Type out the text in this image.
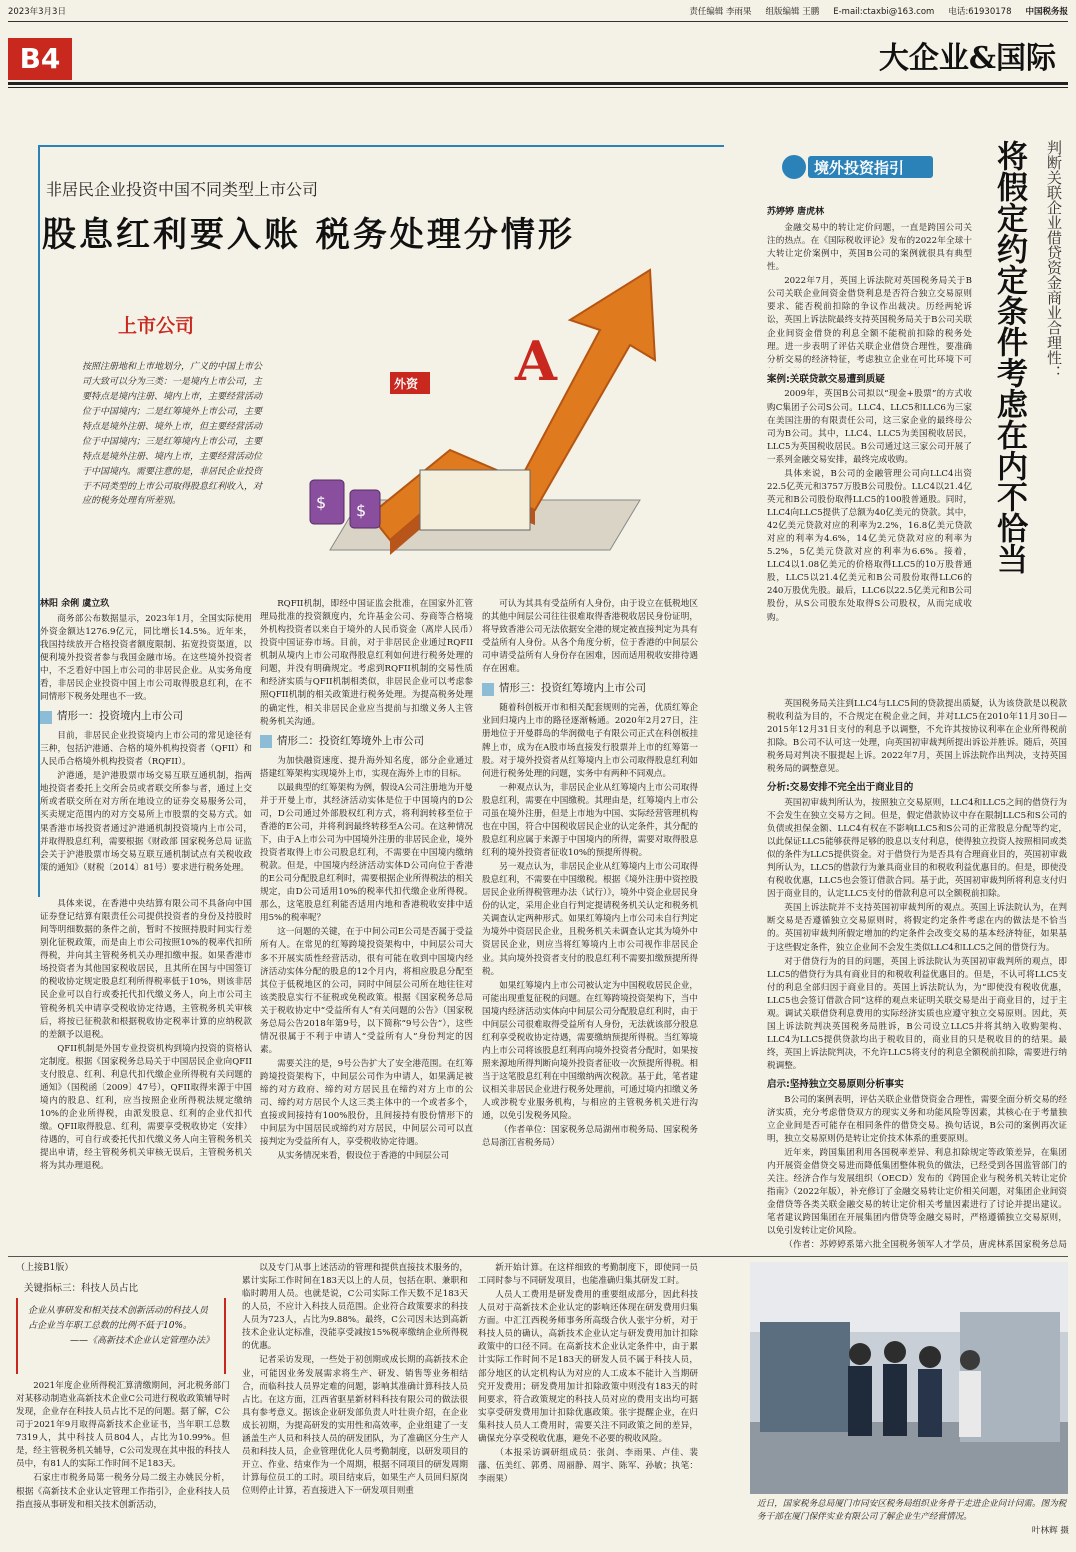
2023年3月3日	责任编辑 李雨果 组版编辑 王鹏 E-mail:ctaxbi@163.com 电话:61930178 中国税务报
B4	大企业&国际
非居民企业投资中国不同类型上市公司
股息红利要入账 税务处理分情形
上市公司
按照注册地和上市地划分，广义的中国上市公司大致可以分为三类：一是境内上市公司，主要特点是境内注册、境内上市，主要经营活动位于中国境内；二是红筹境外上市公司，主要特点是境外注册、境外上市，但主要经营活动位于中国境内；三是红筹境内上市公司，主要特点是境外注册、境内上市，主要经营活动位于中国境内。需要注意的是，非居民企业投资于不同类型的上市公司取得股息红利收入，对应的税务处理有所差别。
A
外资
$ $

林阳 余俐 虞立玖

商务部公布数据显示，2023年1月，全国实际使用外资金额达1276.9亿元，同比增长14.5%。近年来，我国持续放开合格投资者额度限制、拓宽投资渠道，以便利境外投资者参与我国金融市场。在这些境外投资者中，不乏看好中国上市公司的非居民企业。从实务角度看，非居民企业投资中国上市公司取得股息红利，在不同情形下税务处理也不一致。

情形一：投资境内上市公司

目前，非居民企业投资境内上市公司的常见途径有三种，包括沪港通、合格的境外机构投资者（QFII）和人民币合格境外机构投资者（RQFII）。

沪港通，是沪港股票市场交易互联互通机制，指两地投资者委托上交所会员或者联交所参与者，通过上交所或者联交所在对方所在地设立的证券交易服务公司，买卖规定范围内的对方交易所上市股票的交易方式。如果香港市场投资者通过沪港通机制投资境内上市公司，并取得股息红利，需要根据《财政部 国家税务总局 证监会关于沪港股票市场交易互联互通机制试点有关税收政策的通知》（财税〔2014〕81号）要求进行税务处理。

具体来说，在香港中央结算有限公司不具备向中国证券登记结算有限责任公司提供投资者的身份及持股时间等明细数据的条件之前，暂时不按照持股时间实行差别化征税政策，而是由上市公司按照10%的税率代扣所得税，并向其主管税务机关办理扣缴申报。如果香港市场投资者为其他国家税收居民，且其所在国与中国签订的税收协定规定股息红利所得税率低于10%，则该非居民企业可以自行或委托代扣代缴义务人，向上市公司主管税务机关申请享受税收协定待遇，主管税务机关审核后，将按已征税款和根据税收协定税率计算的应纳税款的差额予以退税。

QFII机制是外国专业投资机构到境内投资的资格认定制度。根据《国家税务总局关于中国居民企业向QFII支付股息、红利、利息代扣代缴企业所得税有关问题的通知》（国税函〔2009〕47号），QFII取得来源于中国境内的股息、红利，应当按照企业所得税法规定缴纳10%的企业所得税，由派发股息、红利的企业代扣代缴。QFII取得股息、红利，需要享受税收协定（安排）待遇的，可自行或委托代扣代缴义务人向主管税务机关提出申请，经主管税务机关审核无误后，主管税务机关将为其办理退税。

RQFII机制，即经中国证监会批准，在国家外汇管理局批准的投资额度内，允许基金公司、券商等合格境外机构投资者以来自于境外的人民币资金（离岸人民币）投资中国证券市场。目前，对于非居民企业通过RQFII机制从境内上市公司取得股息红利如何进行税务处理的问题，并没有明确规定。考虑到RQFII机制的交易性质和经济实质与QFII机制相类似，非居民企业可以考虑参照QFII机制的相关政策进行税务处理。为提高税务处理的确定性，相关非居民企业应当提前与扣缴义务人主管税务机关沟通。

情形二：投资红筹境外上市公司

为加快融资速度、提升海外知名度，部分企业通过搭建红筹架构实现境外上市，实现在海外上市的目标。

以最典型的红筹架构为例，假设A公司注册地为开曼并于开曼上市，其经济活动实体是位于中国境内的D公司，D公司通过外部股权红利方式，将利润转移至位于香港的E公司，并将利润最终转移至A公司。在这种情况下，由于A上市公司为中国境外注册的非居民企业，境外投资者取得上市公司股息红利，不需要在中国境内缴纳税款。但是，中国境内经济活动实体D公司向位于香港的E公司分配股息红利时，需要根据企业所得税法的相关规定，由D公司适用10%的税率代扣代缴企业所得税。那么，这笔股息红利能否适用内地和香港税收安排中适用5%的税率呢？

这一问题的关键，在于中间公司E公司是否属于受益所有人。在常见的红筹跨境投资架构中，中间层公司大多不开展实质性经营活动，很有可能在收到中国境内经济活动实体分配的股息的12个月内，将相应股息分配至其位于低税地区的公司，同时中间层公司所在地往往对该类股息实行不征税或免税政策。根据《国家税务总局关于税收协定中“受益所有人”有关问题的公告》（国家税务总局公告2018年第9号，以下简称“9号公告”），这些情况很属于不利于申请人“受益所有人”身份判定的因素。

需要关注的是，9号公告扩大了安全港范围。在红筹跨境投资架构下，中间层公司作为申请人，如果满足被缔约对方政府、缔约对方居民且在缔约对方上市的公司、缔约对方居民个人这三类主体中的一个或者多个，直接或间接持有100%股份，且间接持有股份情形下的中间层为中国居民或缔约对方居民，中间层公司可以直接判定为受益所有人，享受税收协定待遇。

从实务情况来看，假设位于香港的中间层公司

可认为其具有受益所有人身份，由于设立在低税地区的其他中间层公司往往很难取得香港税收居民身份证明，将导致香港公司无法依据安全港的规定被直接判定为具有受益所有人身份。从各个角度分析，位于香港的中间层公司申请受益所有人身份存在困难，因而适用税收安排待遇存在困难。

情形三：投资红筹境内上市公司

随着科创板开市和相关配套规则的完善，优质红筹企业回归境内上市的路径逐渐畅通。2020年2月27日，注册地位于开曼群岛的华润微电子有限公司正式在科创板挂牌上市，成为在A股市场直接发行股票并上市的红筹第一股。对于境外投资者从红筹境内上市公司取得股息红利如何进行税务处理的问题，实务中有两种不同观点。

一种观点认为，非居民企业从红筹境内上市公司取得股息红利，需要在中国缴税。其理由是，红筹境内上市公司虽在境外注册，但是上市地为中国、实际经营管理机构也在中国，符合中国税收居民企业的认定条件，其分配的股息红利应属于来源于中国境内的所得，需要对取得股息红利的境外投资者征收10%的预提所得税。

另一观点认为，非居民企业从红筹境内上市公司取得股息红利，不需要在中国缴税。根据《境外注册中资控股居民企业所得税管理办法（试行）》，境外中资企业居民身份的认定，采用企业自行判定提请税务机关认定和税务机关调查认定两种形式。如果红筹境内上市公司未自行判定为境外中资居民企业，且税务机关未调查认定其为境外中资居民企业，则应当将红筹境内上市公司视作非居民企业。其向境外投资者支付的股息红利不需要扣缴预提所得税。

如果红筹境内上市公司被认定为中国税收居民企业，可能出现重复征税的问题。在红筹跨境投资架构下，当中国境内经济活动实体向中间层公司分配股息红利时，由于中间层公司很难取得受益所有人身份，无法就该部分股息红利享受税收协定待遇，需要缴纳预提所得税。当红筹境内上市公司将该股息红利再向境外投资者分配时，如果按照来源地所得判断向境外投资者征收一次预提所得税。相当于这笔股息红利在中国缴纳两次税款。基于此，笔者建议相关非居民企业进行税务处理前，可通过境内扣缴义务人或涉税专业服务机构，与相应的主管税务机关进行沟通，以免引发税务风险。

（作者单位：国家税务总局湖州市税务局、国家税务总局浙江省税务局）

境外投资指引
苏婷婷 唐虎林	将假定约定条件考虑在内不恰当	判断关联企业借贷资金商业合理性：

金融交易中的转让定价问题，一直是跨国公司关注的热点。在《国际税收评论》发布的2022年全球十大转让定价案例中，英国B公司的案例就很具有典型性。

2022年7月，英国上诉法院对英国税务局关于B公司关联企业间资金借贷利息是否符合独立交易原则要求、能否税前扣除的争议作出裁决。历经两轮诉讼，英国上诉法院最终支持英国税务局关于B公司关联企业间资金借贷的利息全额不能税前扣除的税务处理。进一步表明了评估关联企业借贷合理性，要准确分析交易的经济特征，考虑独立企业在可比环境下可

案例:关联贷款交易遭到质疑

2009年，英国B公司拟以“现金+股票”的方式收购C集团子公司S公司。LLC4、LLC5和LLC6为三家在美国注册的有限责任公司，这三家企业的最终母公司为B公司。其中，LLC4、LLC5为美国税收居民，LLC5为英国税收居民。B公司通过这三家公司开展了一系列金融交易安排，最终完成收购。

具体来说，B公司的金融管理公司向LLC4出资22.5亿英元和3757万股B公司股份。LLC4以21.4亿英元和B公司股份取得LLC5的100股普通股。同时，LLC4向LLC5提供了总额为40亿美元的贷款。其中，42亿美元贷款对应的利率为2.2%，16.8亿美元贷款对应的利率为4.6%，14亿美元贷款对应的利率为5.2%，5亿美元贷款对应的利率为6.6%。接着，LLC4以1.08亿美元的价格取得LLC5的10万股普通股，LLC5以21.4亿美元和B公司股份取得LLC6的240万股优先股。最后，LLC6以22.5亿美元和B公司股份，从S公司股东处取得S公司股权，从而完成收购。

英国税务局关注到LLC4与LLC5间的贷款提出质疑，认为该贷款是以税款税收利益为目的，不合规定在税企业之间，并对LLC5在2010年11月30日—2015年12月31日支付的利息予以调整，不允许其按协议利率在企业所得税前扣除。B公司不认可这一处理，向英国初审裁判所提出诉讼并胜诉。随后，英国税务局对判决不服提起上诉。2022年7月，英国上诉法院作出判决，支持英国税务局的调整意见。

分析:交易安排不完全出于商业目的

英国初审裁判所认为，按照独立交易原则，LLC4和LLC5之间的借贷行为不会发生在独立交易方之间。但是，假定借款协议中存在限制LLC5和S公司的负债或担保金额、LLC4有权在不影响LLC5和S公司的正常股息分配等约定，以此保证LLC5能够获得足够的股息以支付利息，使得独立投资人按照相同或类似的条件为LLC5提供资金。对于借贷行为是否具有合理商业目的，英国初审裁判所认为，LLC5的借款行为兼具商业目的和税收利益优惠目的。但是，即使没有税收优惠，LLC5也会签订借款合同。基于此，英国初审裁判所将利息支付归因于商业目的，认定LLC5支付的借款利息可以全额税前扣除。

英国上诉法院并不支持英国初审裁判所的观点。英国上诉法院认为，在判断交易是否遵循独立交易原则时，将假定约定条件考虑在内的做法是不恰当的。英国初审裁判所假定增加的约定条件会改变交易的基本经济特征，如果基于这些假定条件，独立企业间不会发生类似LLC4和LLC5之间的借贷行为。

对于借贷行为的目的问题，英国上诉法院认为英国初审裁判所的观点，即LLC5的借贷行为具有商业目的和税收利益优惠目的。但是，不认可将LLC5支付的利息全部归因于商业目的。英国上诉法院认为，为“即使没有税收优惠，LLC5也会签订借款合同”这样的观点来证明关联交易是出于商业目的，过于主观。调试关联借贷利息费用的实际经济实质也应遵守独立交易原则。因此，英国上诉法院判决英国税务局胜诉，B公司设立LLC5并将其纳入收购架构、LLC4为LLC5提供贷款均出于税收目的，商业目的只是税收目的的结果。最终，英国上诉法院判决，不允许LLC5将支付的利息全额税前扣除，需要进行纳税调整。

启示:坚持独立交易原则分析事实

B公司的案例表明，评估关联企业借贷资金合理性，需要全面分析交易的经济实质，充分考虑借贷双方的现实义务和功能风险等因素，其核心在于考量独立企业间是否可能存在相同条件的借贷交易。换句话说，B公司的案例再次证明，独立交易原则仍是转让定价技术体系的重要原则。

近年来，跨国集团利用各国税率差异、利息扣除规定等政策差异，在集团内开展资金借贷交易进而降低集团整体税负的做法，已经受到各国监管部门的关注。经济合作与发展组织（OECD）发布的《跨国企业与税务机关转让定价指南》（2022年版），补充修订了金融交易转让定价相关问题，对集团企业间资金借贷等各类关联金融交易的转让定价相关考量因素进行了讨论并提出建议。笔者建议跨国集团在开展集团内借贷等金融交易时，严格遵循独立交易原则，以免引发转让定价风险。

（作者：苏婷婷系第六批全国税务领军人才学员，唐虎林系国家税务总局

（上接B1版）
关键指标三：科技人员占比
企业从事研发和相关技术创新活动的科技人员占企业当年职工总数的比例不低于10%。
——《高新技术企业认定管理办法》

2021年度企业所得税汇算清缴期间，河北税务部门对某移动制造业高新技术企业C公司进行税收政策辅导时发现，企业存在科技人员占比不足的问题。据了解，C公司于2021年9月取得高新技术企业证书，当年职工总数7319人，其中科技人员804人，占比为10.99%。但是，经主管税务机关辅导，C公司发现在其申报的科技人员中，有81人的实际工作时间不足183天。

石家庄市税务局第一税务分局二级主办姚民分析，根据《高新技术企业认定管理工作指引》，企业科技人员指直接从事研发和相关技术创新活动，

以及专门从事上述活动的管理和提供直接技术服务的，累计实际工作时间在183天以上的人员，包括在职、兼职和临时聘用人员。也就是说，C公司实际工作天数不足183天的人员，不应计入科技人员范围。企业符合政策要求的科技人员为723人，占比为9.88%。最终，C公司因未达到高新技术企业认定标准，没能享受减按15%税率缴纳企业所得税的优惠。

记者采访发现，一些处于初创期或成长期的高新技术企业，可能因业务发展需求将生产、研发、销售等业务相结合，而临科技人员界定难的问题，影响其准确计算科技人员占比。在这方面，江西省驱星新材料科技有限公司的做法很具有参考意义。据该企业研发部负责人叶壮贵介绍，在企业成长初期，为提高研发的实用性和高效率，企业组建了一支涵盖生产人员和科技人员的研发团队，为了准确区分生产人员和科技人员，企业管理优化人员考勤制度，以研发项目的开立、作业、结束作为一个周期，根据不同项目的研发周期计算每位员工的工时。项目结束后，如果生产人员回归原岗位则停止计算，若直接进入下一研发项目则重

新开始计算。在这样细致的考勤制度下，即使同一员工同时参与不同研发项目，也能准确归集其研发工时。

人员人工费用是研发费用的重要组成部分，因此科技人员对于高新技术企业认定的影响还体现在研发费用归集方面。中汇江西税务师事务所高级合伙人张宇分析，对于科技人员的确认，高新技术企业认定与研发费用加计扣除政策中的口径不同。在高新技术企业认定条件中，由于累计实际工作时间不足183天的研发人员不属于科技人员，部分地区的认定机构认为对应的人工成本不能计入当期研究开发费用；研发费用加计扣除政策中则没有183天的时间要求，符合政策规定的科技人员对应的费用支出均可据实享受研发费用加计扣除优惠政策。张宇提醒企业，在归集科技人员人工费用时，需要关注不同政策之间的差异，确保充分享受税收优惠，避免不必要的税收风险。

（本报采访调研组成员：张剑、李雨果、卢佳、裴藩、伍美红、郭勇、周丽静、周宇、陈军、孙敏；执笔：李雨果）

近日，国家税务总局厦门市同安区税务局组织业务骨干走进企业问计问需。图为税务干部在厦门保伴实业有限公司了解企业生产经营情况。
叶林辉 摄
